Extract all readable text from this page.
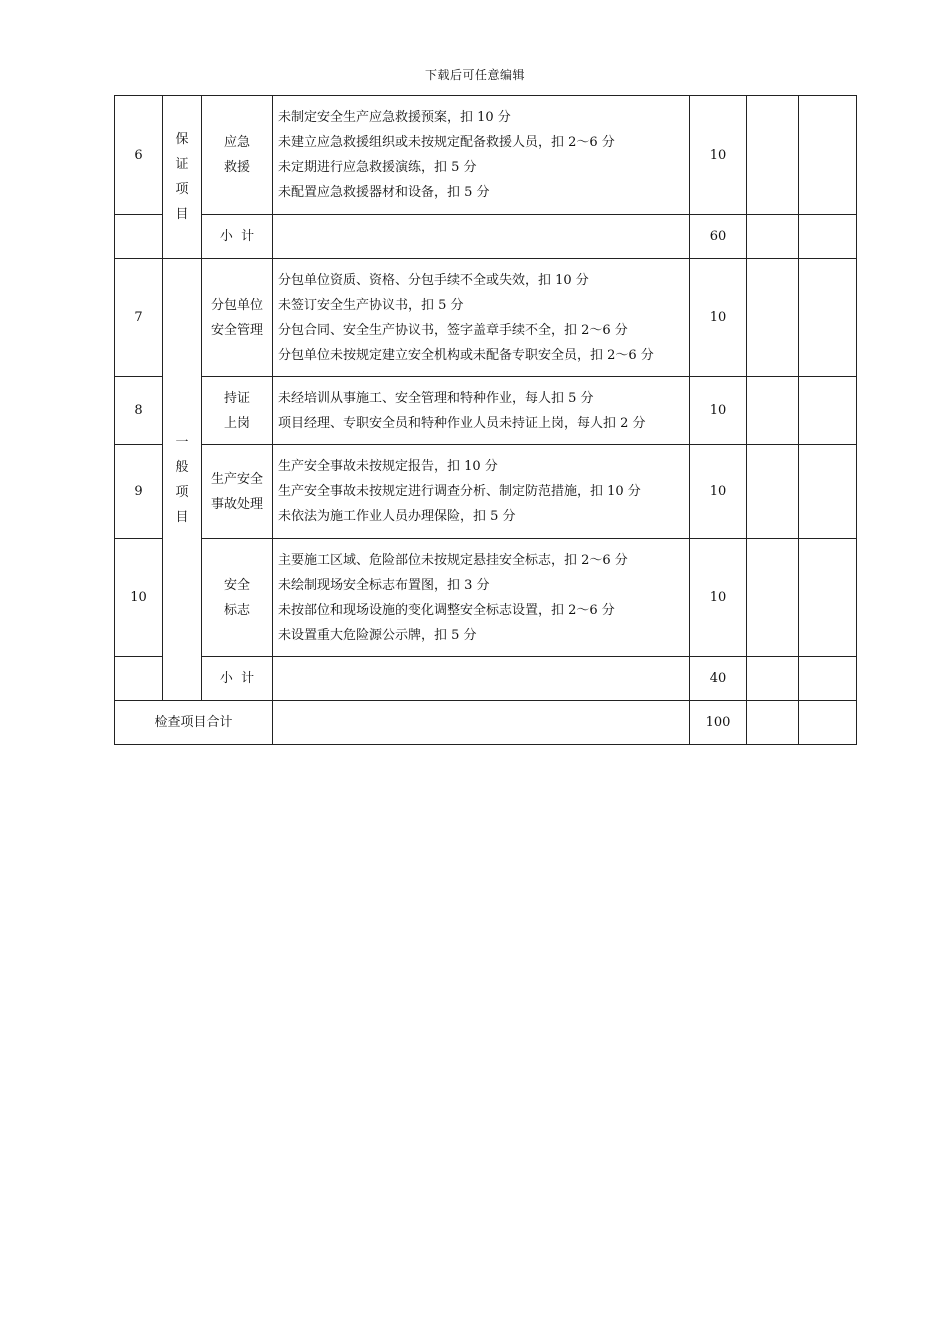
下载后可任意编辑
6	保
证
项
目	应急
救援	未制定安全生产应急救援预案，扣 10 分
未建立应急救援组织或未按规定配备救援人员，扣 2～6 分
未定期进行应急救援演练，扣 5 分
未配置应急救援器材和设备，扣 5 分	10		
		小  计		60		
7	一
般
项
目	分包单位
安全管理	分包单位资质、资格、分包手续不全或失效，扣 10 分
未签订安全生产协议书，扣 5 分
分包合同、安全生产协议书，签字盖章手续不全，扣 2～6 分
分包单位未按规定建立安全机构或未配备专职安全员，扣 2～6 分	10		
8		持证
上岗	未经培训从事施工、安全管理和特种作业，每人扣 5 分
项目经理、专职安全员和特种作业人员未持证上岗，每人扣 2 分	10		
9		生产安全
事故处理	生产安全事故未按规定报告，扣 10 分
生产安全事故未按规定进行调查分析、制定防范措施，扣 10 分
未依法为施工作业人员办理保险，扣 5 分	10		
10		安全
标志	主要施工区域、危险部位未按规定悬挂安全标志，扣 2～6 分
未绘制现场安全标志布置图，扣 3 分
未按部位和现场设施的变化调整安全标志设置，扣 2～6 分
未设置重大危险源公示牌，扣 5 分	10		
		小  计		40		
检查项目合计				100		
